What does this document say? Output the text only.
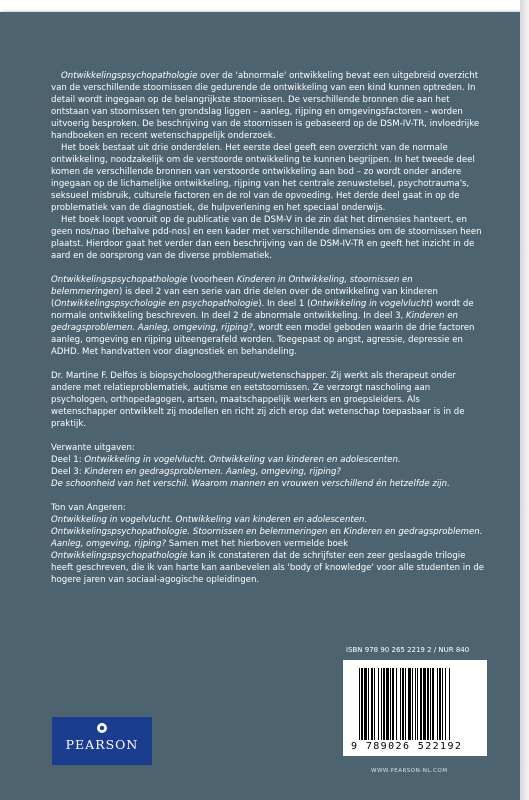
Ontwikkelingspsychopathologie over de 'abnormale' ontwikkeling bevat een uitgebreid overzicht van de verschillende stoornissen die gedurende de ontwikkeling van een kind kunnen optreden. In detail wordt ingegaan op de belangrijkste stoornissen. De verschillende bronnen die aan het ontstaan van stoornissen ten grondslag liggen – aanleg, rijping en omgevingsfactoren – worden uitvoerig besproken. De beschrijving van de stoornissen is gebaseerd op de DSM-IV-TR, invloedrijke handboeken en recent wetenschappelijk onderzoek.

Het boek bestaat uit drie onderdelen. Het eerste deel geeft een overzicht van de normale ontwikkeling, noodzakelijk om de verstoorde ontwikkeling te kunnen begrijpen. In het tweede deel komen de verschillende bronnen van verstoorde ontwikkeling aan bod – zo wordt onder andere ingegaan op de lichamelijke ontwikkeling, rijping van het centrale zenuwstelsel, psychotrauma's, seksueel misbruik, culturele factoren en de rol van de opvoeding. Het derde deel gaat in op de problematiek van de diagnostiek, de hulpverlening en het speciaal onderwijs.

Het boek loopt vooruit op de publicatie van de DSM-V in de zin dat het dimensies hanteert, en geen nos/nao (behalve pdd-nos) en een kader met verschillende dimensies om de stoornissen heen plaatst. Hierdoor gaat het verder dan een beschrijving van de DSM-IV-TR en geeft het inzicht in de aard en de oorsprong van de diverse problematiek.

Ontwikkelingspsychopathologie (voorheen Kinderen in Ontwikkeling, stoornissen en belemmeringen) is deel 2 van een serie van drie delen over de ontwikkeling van kinderen (Ontwikkelingspsychologie en psychopathologie). In deel 1 (Ontwikkeling in vogelvlucht) wordt de normale ontwikkeling beschreven. In deel 2 de abnormale ontwikkeling. In deel 3, Kinderen en gedragsproblemen. Aanleg, omgeving, rijping?, wordt een model geboden waarin de drie factoren aanleg, omgeving en rijping uiteengerafeld worden. Toegepast op angst, agressie, depressie en ADHD. Met handvatten voor diagnostiek en behandeling.

Dr. Martine F. Delfos is biopsycholoog/therapeut/wetenschapper. Zij werkt als therapeut onder andere met relatieproblematiek, autisme en eetstoornissen. Ze verzorgt nascholing aan psychologen, orthopedagogen, artsen, maatschappelijk werkers en groepsleiders. Als wetenschapper ontwikkelt zij modellen en richt zij zich erop dat wetenschap toepasbaar is in de praktijk.

Verwante uitgaven:

Deel 1: Ontwikkeling in vogelvlucht. Ontwikkeling van kinderen en adolescenten.

Deel 3: Kinderen en gedragsproblemen. Aanleg, omgeving, rijping?

De schoonheid van het verschil. Waarom mannen en vrouwen verschillend én hetzelfde zijn.

Ton van Angeren:

Ontwikkeling in vogelvlucht. Ontwikkeling van kinderen en adolescenten. Ontwikkelingspsychopathologie. Stoornissen en belemmeringen en Kinderen en gedragsproblemen. Aanleg, omgeving, rijping? Samen met het hierboven vermelde boek Ontwikkelingspsychopathologie kan ik constateren dat de schrijfster een zeer geslaagde trilogie heeft geschreven, die ik van harte kan aanbevelen als 'body of knowledge' voor alle studenten in de hogere jaren van sociaal-agogische opleidingen.

ISBN 978 90 265 2219 2 / NUR 840
9 789026 522192
PEARSON
WWW.PEARSON-NL.COM
